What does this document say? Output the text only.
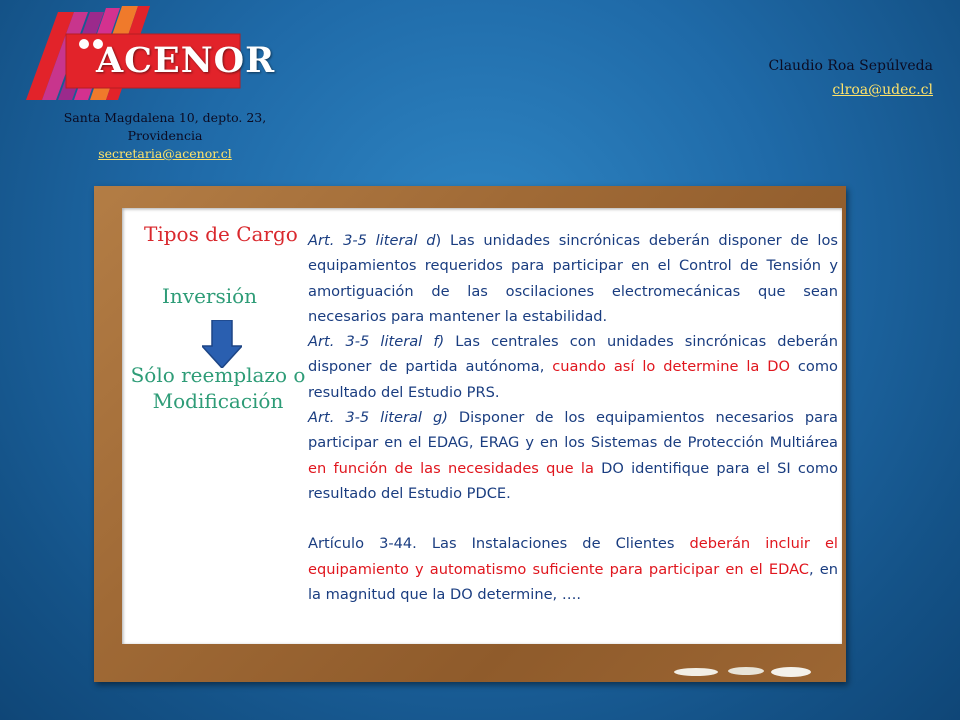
ACENOR
Santa Magdalena 10, depto. 23, Providencia
secretaria@acenor.cl
Claudio Roa Sepúlveda
clroa@udec.cl
Tipos de Cargo
Inversión
Sólo reemplazo o Modificación

Art. 3-5 literal d) Las unidades sincrónicas deberán disponer de los equipamientos requeridos para participar en el Control de Tensión y amortiguación de las oscilaciones electromecánicas que sean necesarios para mantener la estabilidad.

Art. 3-5 literal f) Las centrales con unidades sincrónicas deberán disponer de partida autónoma, cuando así lo determine la DO como resultado del Estudio PRS.

Art. 3-5 literal g) Disponer de los equipamientos necesarios para participar en el EDAG, ERAG y en los Sistemas de Protección Multiárea en función de las necesidades que la DO identifique para el SI como resultado del Estudio PDCE.

Artículo 3-44. Las Instalaciones de Clientes deberán incluir el equipamiento y automatismo suficiente para participar en el EDAC, en la magnitud que la DO determine, ….
